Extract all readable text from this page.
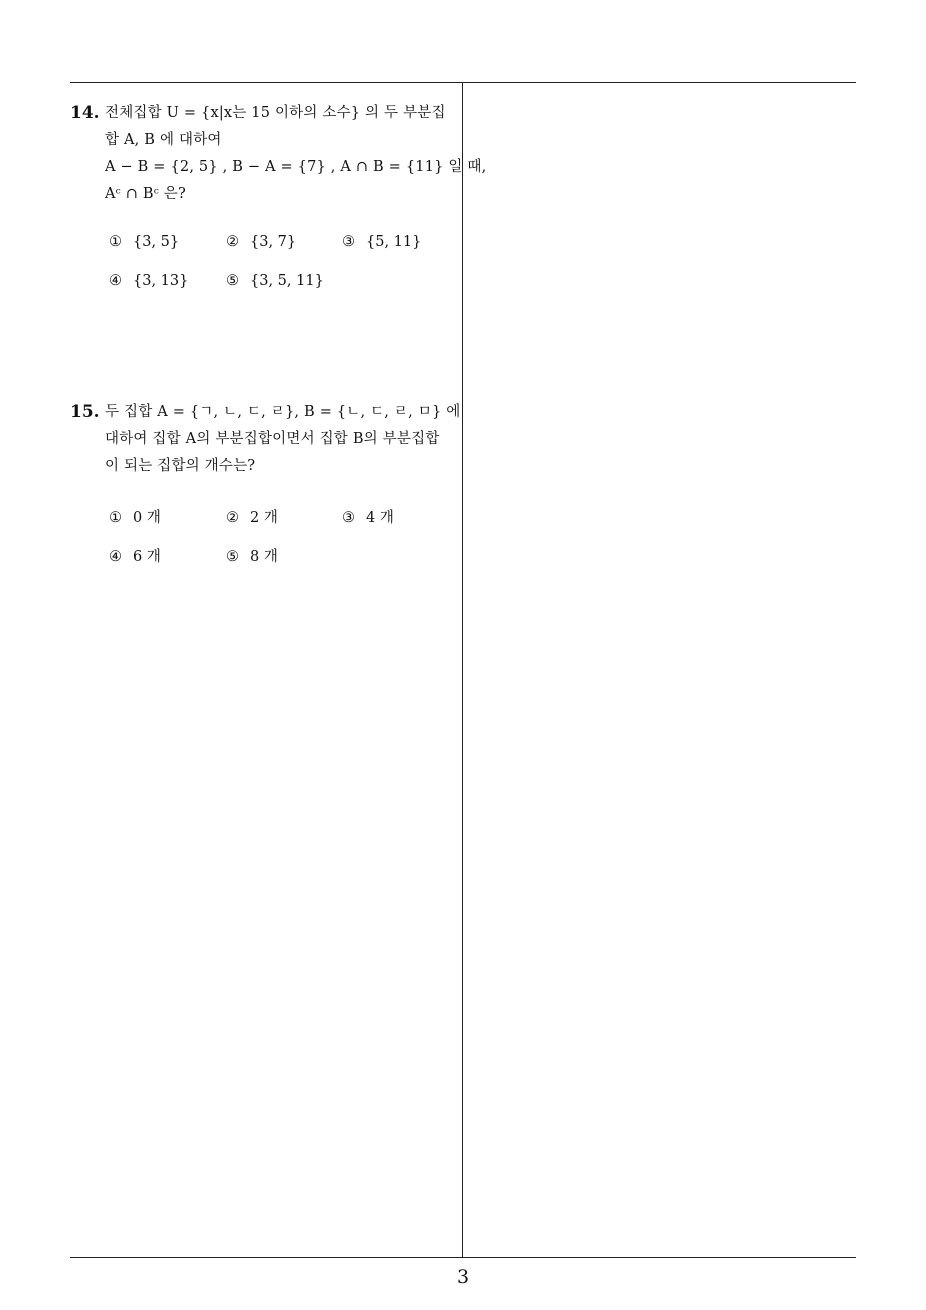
14. 전체집합 U = {x|x는 15 이하의 소수} 의 두 부분집
합 A, B 에 대하여
A − B = {2, 5} , B − A = {7} , A ∩ B = {11} 일 때,
Aᶜ ∩ Bᶜ 은?
① {3, 5}	② {3, 7}	③ {5, 11}
④ {3, 13}	⑤ {3, 5, 11}
15. 두 집합 A = {ㄱ, ㄴ, ㄷ, ㄹ}, B = {ㄴ, ㄷ, ㄹ, ㅁ} 에
대하여 집합 A의 부분집합이면서 집합 B의 부분집합
이 되는 집합의 개수는?
① 0 개	② 2 개	③ 4 개
④ 6 개	⑤ 8 개
3
